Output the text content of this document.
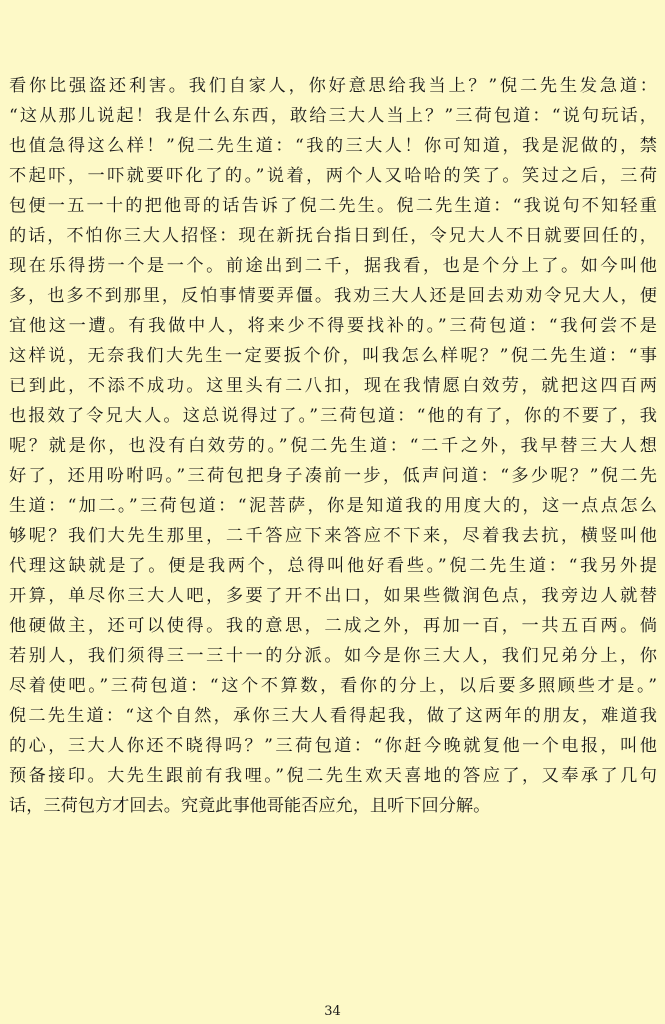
看你比强盗还利害。我们自家人，你好意思给我当上？”倪二先生发急道：
“这从那儿说起！我是什么东西，敢给三大人当上？”三荷包道：“说句玩话，
也值急得这么样！”倪二先生道：“我的三大人！你可知道，我是泥做的，禁
不起吓，一吓就要吓化了的。”说着，两个人又哈哈的笑了。笑过之后，三荷
包便一五一十的把他哥的话告诉了倪二先生。倪二先生道：“我说句不知轻重
的话，不怕你三大人招怪：现在新抚台指日到任，令兄大人不日就要回任的，
现在乐得捞一个是一个。前途出到二千，据我看，也是个分上了。如今叫他
多，也多不到那里，反怕事情要弄僵。我劝三大人还是回去劝劝令兄大人，便
宜他这一遭。有我做中人，将来少不得要找补的。”三荷包道：“我何尝不是
这样说，无奈我们大先生一定要扳个价，叫我怎么样呢？”倪二先生道：“事
已到此，不添不成功。这里头有二八扣，现在我情愿白效劳，就把这四百两
也报效了令兄大人。这总说得过了。”三荷包道：“他的有了，你的不要了，我
呢？就是你，也没有白效劳的。”倪二先生道：“二千之外，我早替三大人想
好了，还用吩咐吗。”三荷包把身子凑前一步，低声问道：“多少呢？”倪二先
生道：“加二。”三荷包道：“泥菩萨，你是知道我的用度大的，这一点点怎么
够呢？我们大先生那里，二千答应下来答应不下来，尽着我去抗，横竖叫他
代理这缺就是了。便是我两个，总得叫他好看些。”倪二先生道：“我另外提
开算，单尽你三大人吧，多要了开不出口，如果些微润色点，我旁边人就替
他硬做主，还可以使得。我的意思，二成之外，再加一百，一共五百两。倘
若别人，我们须得三一三十一的分派。如今是你三大人，我们兄弟分上，你
尽着使吧。”三荷包道：“这个不算数，看你的分上，以后要多照顾些才是。”
倪二先生道：“这个自然，承你三大人看得起我，做了这两年的朋友，难道我
的心，三大人你还不晓得吗？”三荷包道：“你赶今晚就复他一个电报，叫他
预备接印。大先生跟前有我哩。”倪二先生欢天喜地的答应了，又奉承了几句
话，三荷包方才回去。究竟此事他哥能否应允，且听下回分解。
34
